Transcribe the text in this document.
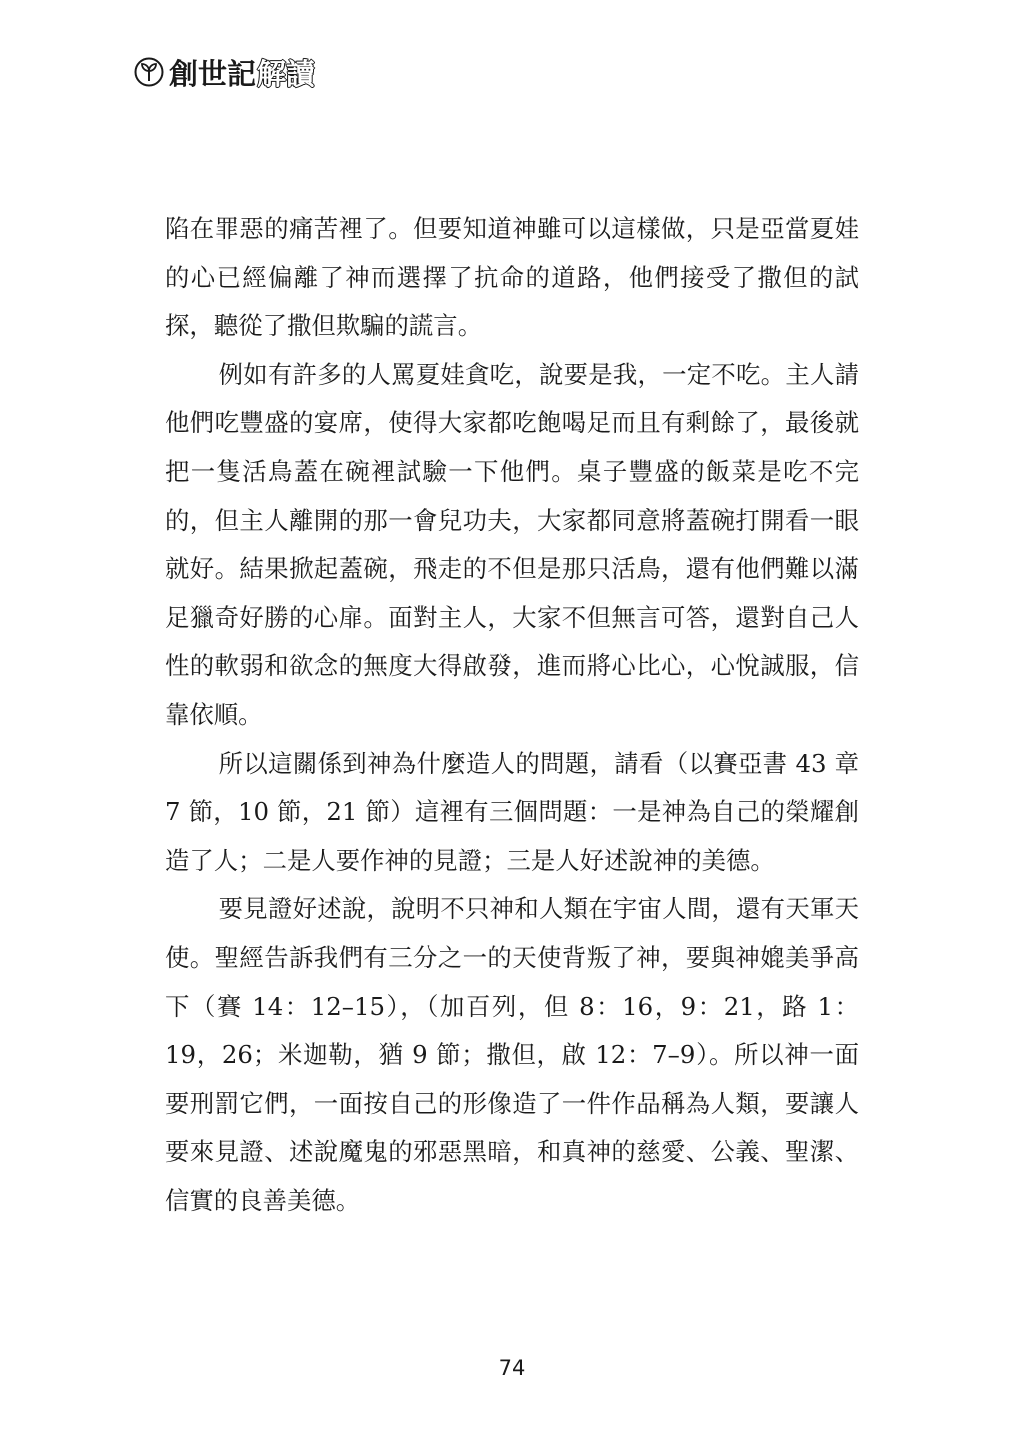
創世記 解讀

陷在罪惡的痛苦裡了。但要知道神雖可以這樣做，只是亞當夏娃的心已經偏離了神而選擇了抗命的道路，他們接受了撒但的試探，聽從了撒但欺騙的謊言。

例如有許多的人罵夏娃貪吃，說要是我，一定不吃。主人請他們吃豐盛的宴席，使得大家都吃飽喝足而且有剩餘了，最後就把一隻活鳥蓋在碗裡試驗一下他們。桌子豐盛的飯菜是吃不完的，但主人離開的那一會兒功夫，大家都同意將蓋碗打開看一眼就好。結果掀起蓋碗，飛走的不但是那只活鳥，還有他們難以滿足獵奇好勝的心扉。面對主人，大家不但無言可答，還對自己人性的軟弱和欲念的無度大得啟發，進而將心比心，心悅誠服，信靠依順。

所以這關係到神為什麼造人的問題，請看（以賽亞書 43 章 7 節，10 節，21 節）這裡有三個問題：一是神為自己的榮耀創造了人；二是人要作神的見證；三是人好述說神的美德。

要見證好述說，說明不只神和人類在宇宙人間，還有天軍天使。聖經告訴我們有三分之一的天使背叛了神，要與神媲美爭高下（賽 14：12–15），（加百列，但 8：16，9：21，路 1：19，26；米迦勒，猶 9 節；撒但，啟 12：7–9）。所以神一面要刑罰它們，一面按自己的形像造了一件作品稱為人類，要讓人要來見證、述說魔鬼的邪惡黑暗，和真神的慈愛、公義、聖潔、信實的良善美德。

74
